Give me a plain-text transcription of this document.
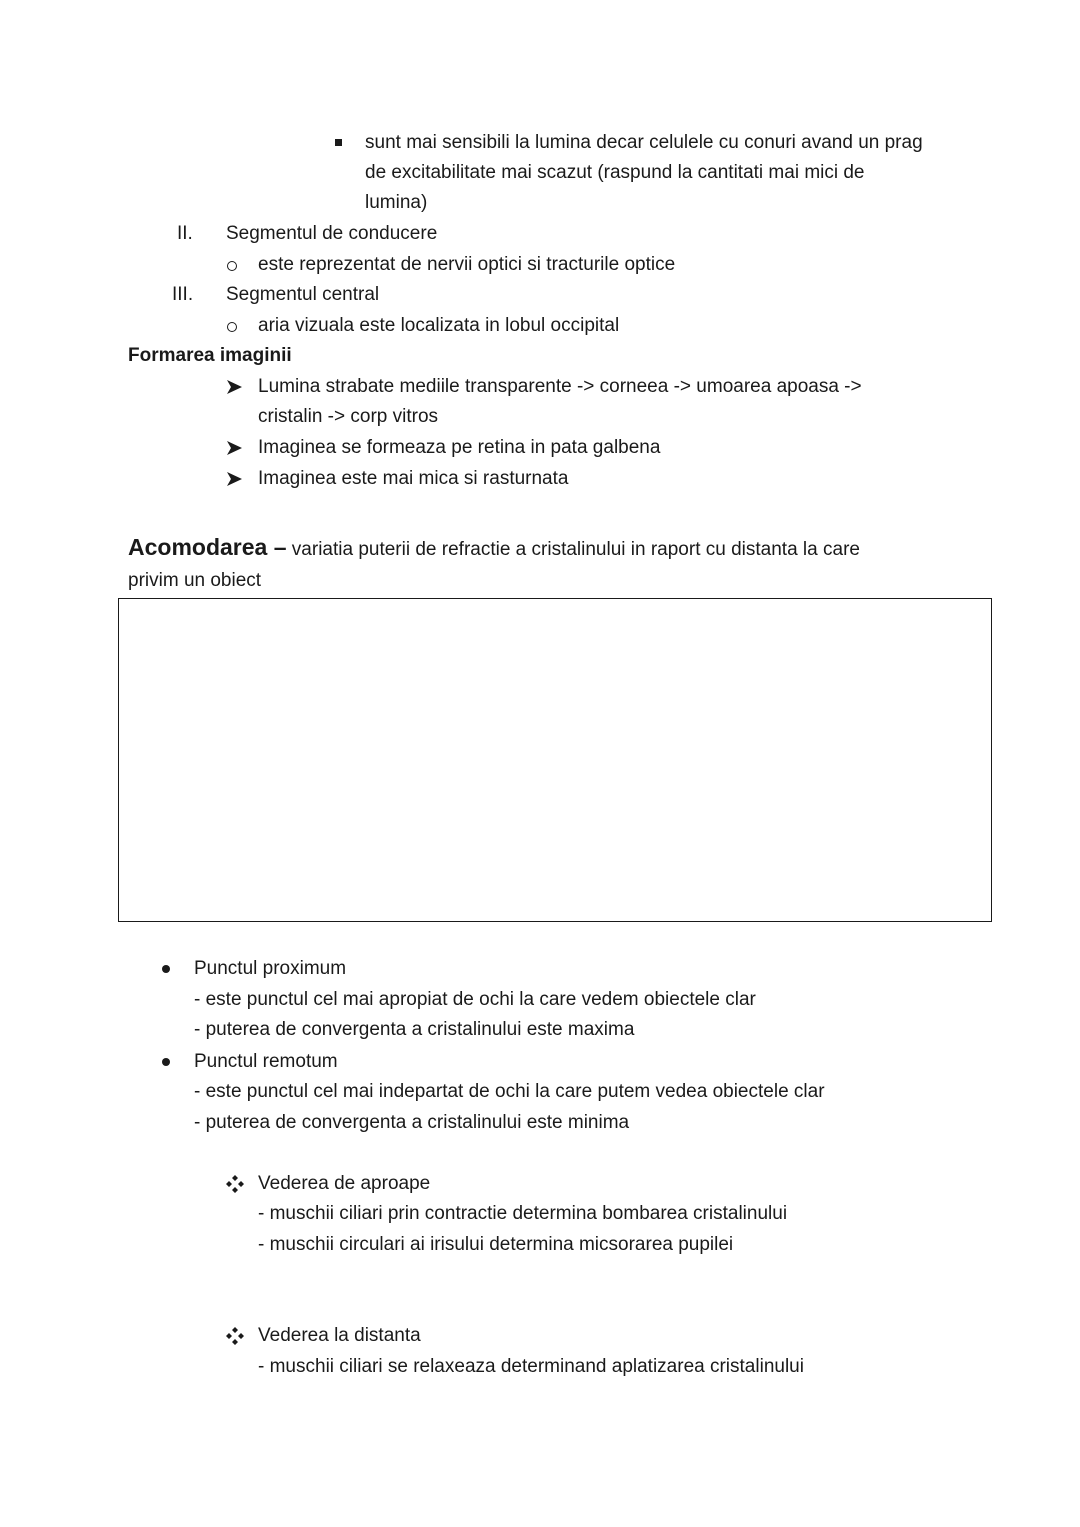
sunt mai sensibili la lumina decar celulele cu conuri avand un prag
de excitabilitate mai scazut (raspund la cantitati mai mici de
lumina)
II. Segmentul de conducere
este reprezentat de nervii optici si tracturile optice
III. Segmentul central
aria vizuala este localizata in lobul occipital
Formarea imaginii
Lumina strabate mediile transparente -> corneea -> umoarea apoasa ->
cristalin -> corp vitros
Imaginea se formeaza pe retina in pata galbena
Imaginea este mai mica si rasturnata
Acomodarea – variatia puterii de refractie a cristalinului in raport cu distanta la care
privim un obiect
Punctul proximum
- este punctul cel mai apropiat de ochi la care vedem obiectele clar
- puterea de convergenta a cristalinului este maxima
Punctul remotum
- este punctul cel mai indepartat de ochi la care putem vedea obiectele clar
- puterea de convergenta a cristalinului este minima
Vederea de aproape
- muschii ciliari prin contractie determina bombarea cristalinului
- muschii circulari ai irisului determina micsorarea pupilei
Vederea la distanta
- muschii ciliari se relaxeaza determinand aplatizarea cristalinului
